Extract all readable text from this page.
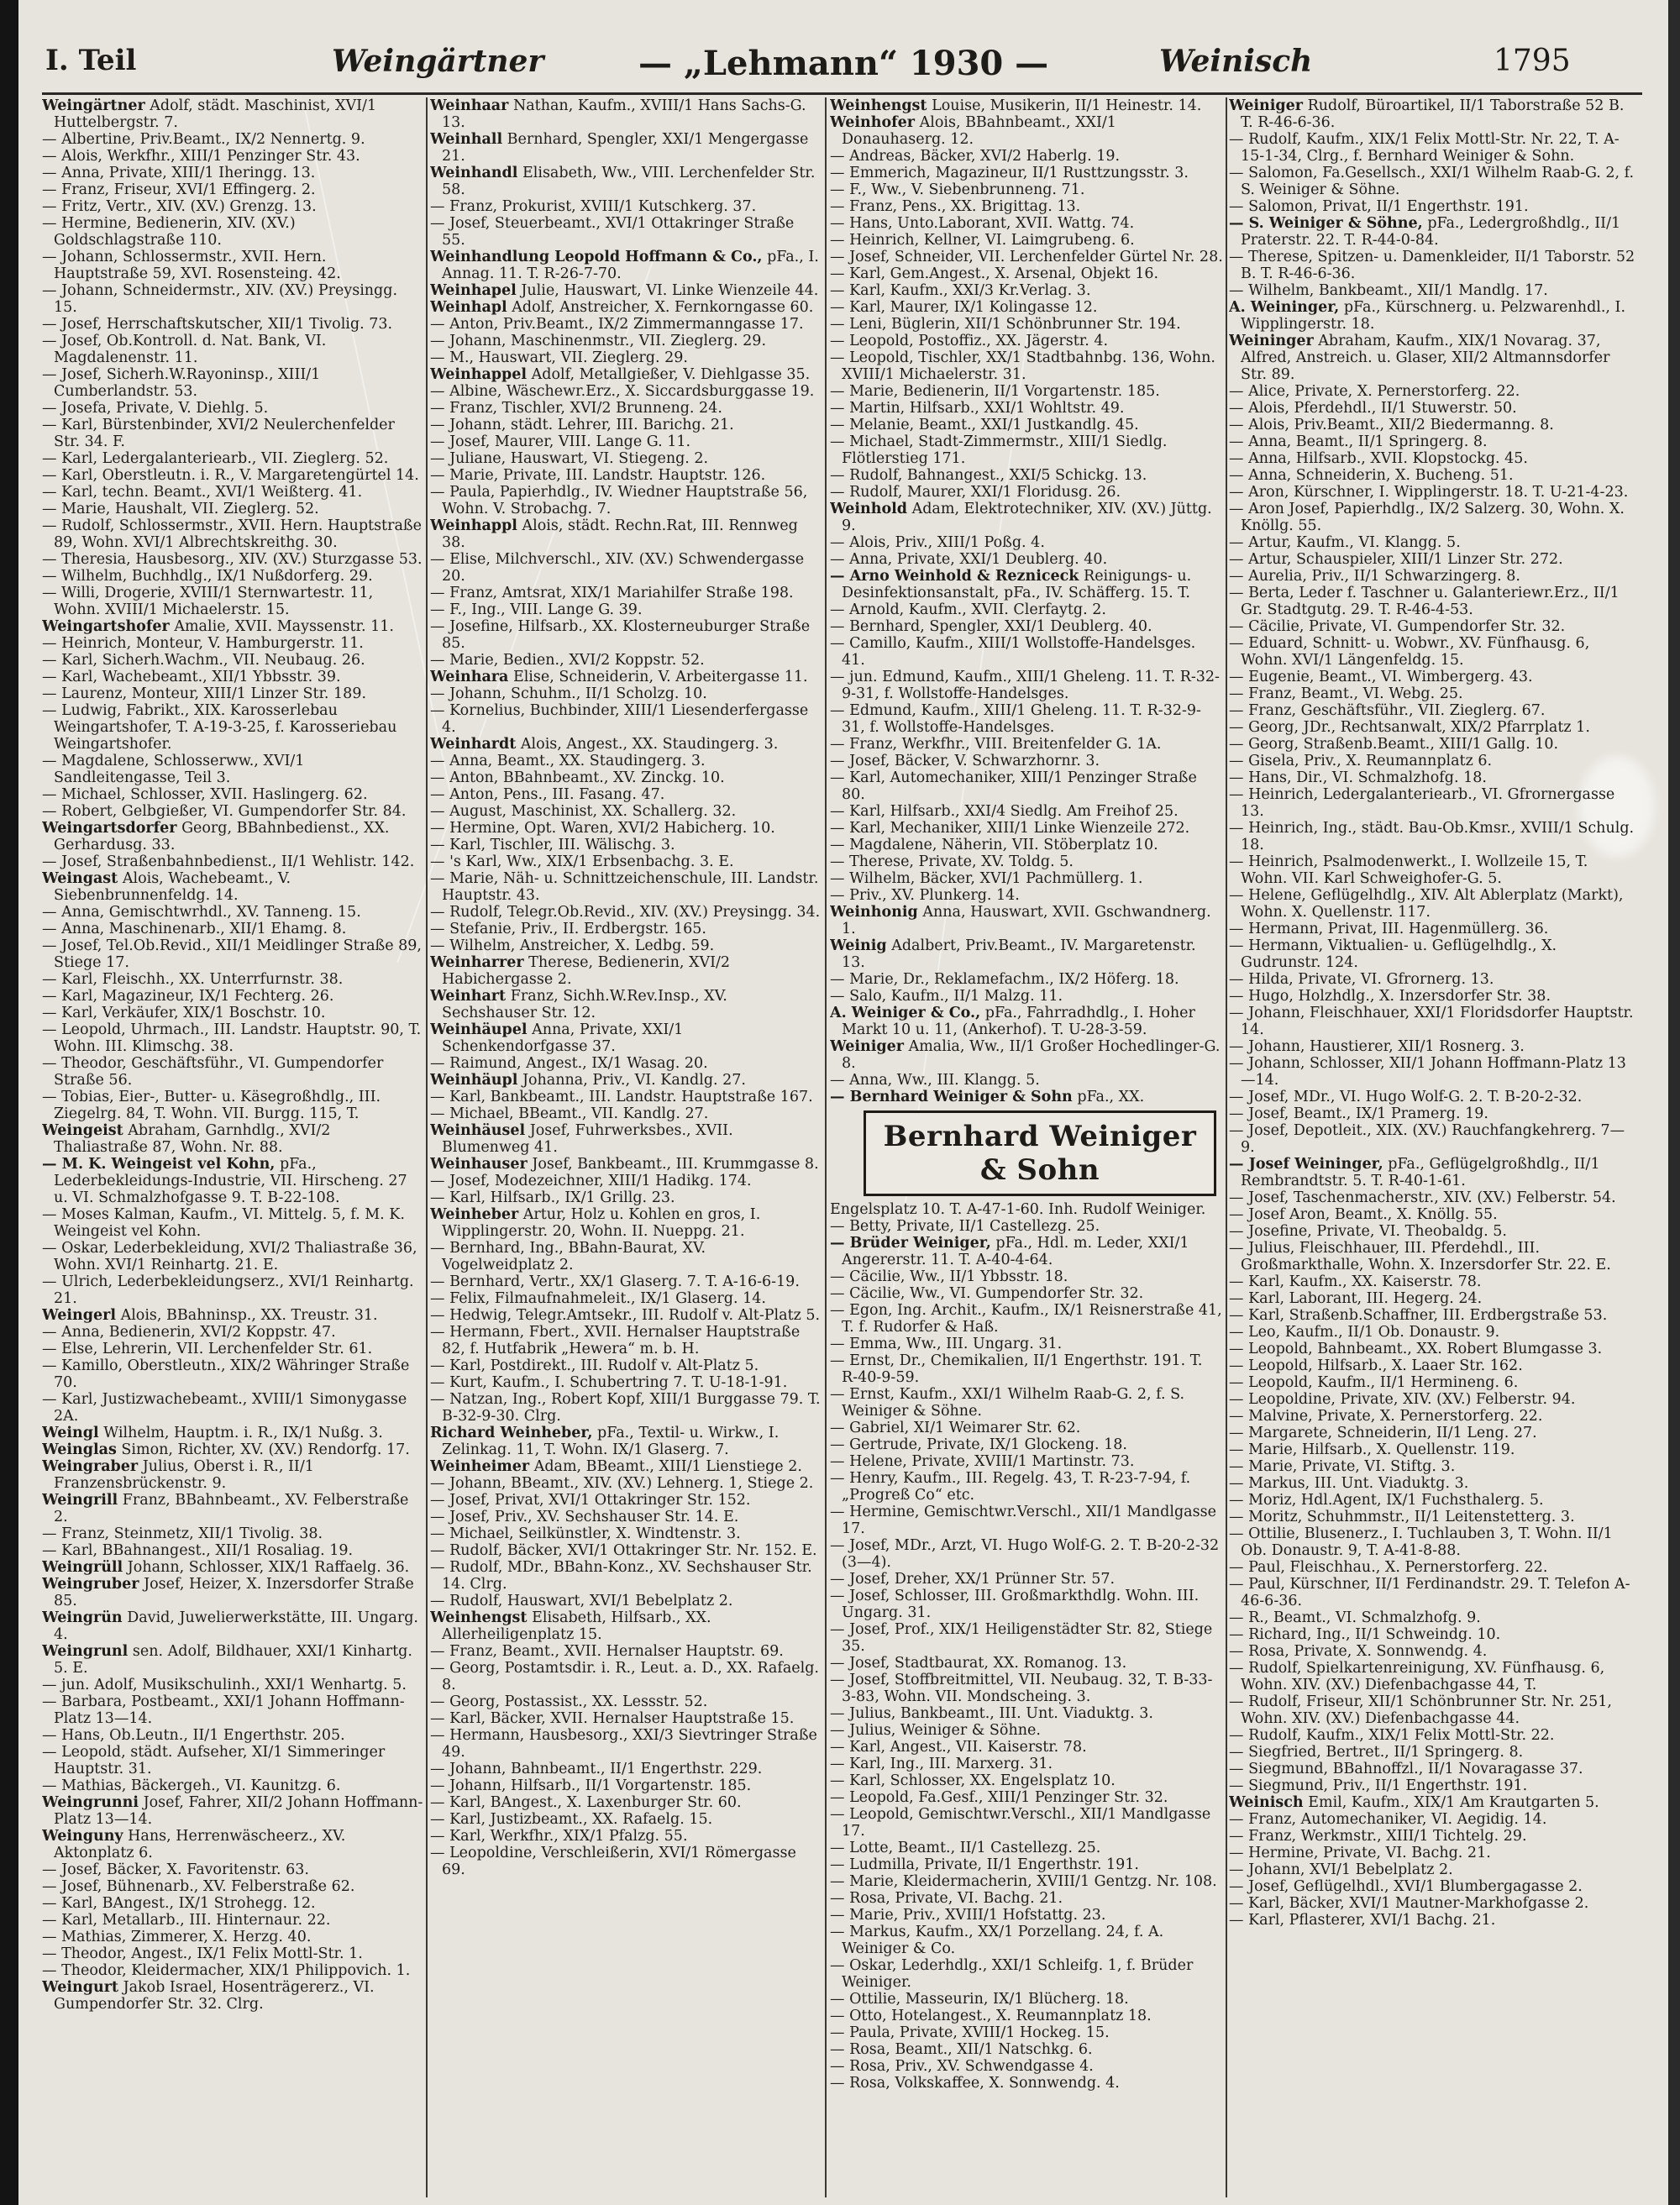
I. Teil	Weingärtner	— „Lehmann“ 1930 —	Weinisch	1795

Weingärtner Adolf, städt. Maschinist, XVI/1 Huttelbergstr. 7.

— Albertine, Priv.Beamt., IX/2 Nennertg. 9.

— Alois, Werkfhr., XIII/1 Penzinger Str. 43.

— Anna, Private, XIII/1 Iheringg. 13.

— Franz, Friseur, XVI/1 Effingerg. 2.

— Fritz, Vertr., XIV. (XV.) Grenzg. 13.

— Hermine, Bedienerin, XIV. (XV.) Goldschlagstraße 110.

— Johann, Schlossermstr., XVII. Hern. Hauptstraße 59, XVI. Rosensteing. 42.

— Johann, Schneidermstr., XIV. (XV.) Preysingg. 15.

— Josef, Herrschaftskutscher, XII/1 Tivolig. 73.

— Josef, Ob.Kontroll. d. Nat. Bank, VI. Magdalenenstr. 11.

— Josef, Sicherh.W.Rayoninsp., XIII/1 Cumberlandstr. 53.

— Josefa, Private, V. Diehlg. 5.

— Karl, Bürstenbinder, XVI/2 Neulerchenfelder Str. 34. F.

— Karl, Ledergalanteriearb., VII. Zieglerg. 52.

— Karl, Oberstleutn. i. R., V. Margaretengürtel 14.

— Karl, techn. Beamt., XVI/1 Weißterg. 41.

— Marie, Haushalt, VII. Zieglerg. 52.

— Rudolf, Schlossermstr., XVII. Hern. Hauptstraße 89, Wohn. XVI/1 Albrechtskreithg. 30.

— Theresia, Hausbesorg., XIV. (XV.) Sturzgasse 53.

— Wilhelm, Buchhdlg., IX/1 Nußdorferg. 29.

— Willi, Drogerie, XVIII/1 Sternwartestr. 11, Wohn. XVIII/1 Michaelerstr. 15.

Weingartshofer Amalie, XVII. Mayssenstr. 11.

— Heinrich, Monteur, V. Hamburgerstr. 11.

— Karl, Sicherh.Wachm., VII. Neubaug. 26.

— Karl, Wachebeamt., XII/1 Ybbsstr. 39.

— Laurenz, Monteur, XIII/1 Linzer Str. 189.

— Ludwig, Fabrikt., XIX. Karosserlebau Weingartshofer, T. A-19-3-25, f. Karosseriebau Weingartshofer.

— Magdalene, Schlosserww., XVI/1 Sandleitengasse, Teil 3.

— Michael, Schlosser, XVII. Haslingerg. 62.

— Robert, Gelbgießer, VI. Gumpendorfer Str. 84.

Weingartsdorfer Georg, BBahnbedienst., XX. Gerhardusg. 33.

— Josef, Straßenbahnbedienst., II/1 Wehlistr. 142.

Weingast Alois, Wachebeamt., V. Siebenbrunnenfeldg. 14.

— Anna, Gemischtwrhdl., XV. Tanneng. 15.

— Anna, Maschinenarb., XII/1 Ehamg. 8.

— Josef, Tel.Ob.Revid., XII/1 Meidlinger Straße 89, Stiege 17.

— Karl, Fleischh., XX. Unterrfurnstr. 38.

— Karl, Magazineur, IX/1 Fechterg. 26.

— Karl, Verkäufer, XIX/1 Boschstr. 10.

— Leopold, Uhrmach., III. Landstr. Hauptstr. 90, T. Wohn. III. Klimschg. 38.

— Theodor, Geschäftsführ., VI. Gumpendorfer Straße 56.

— Tobias, Eier-, Butter- u. Käsegroßhdlg., III. Ziegelrg. 84, T. Wohn. VII. Burgg. 115, T.

Weingeist Abraham, Garnhdlg., XVI/2 Thaliastraße 87, Wohn. Nr. 88.

— M. K. Weingeist vel Kohn, pFa., Lederbekleidungs-Industrie, VII. Hirscheng. 27 u. VI. Schmalzhofgasse 9. T. B-22-108.

— Moses Kalman, Kaufm., VI. Mittelg. 5, f. M. K. Weingeist vel Kohn.

— Oskar, Lederbekleidung, XVI/2 Thaliastraße 36, Wohn. XVI/1 Reinhartg. 21. E.

— Ulrich, Lederbekleidungserz., XVI/1 Reinhartg. 21.

Weingerl Alois, BBahninsp., XX. Treustr. 31.

— Anna, Bedienerin, XVI/2 Koppstr. 47.

— Else, Lehrerin, VII. Lerchenfelder Str. 61.

— Kamillo, Oberstleutn., XIX/2 Währinger Straße 70.

— Karl, Justizwachebeamt., XVIII/1 Simonygasse 2A.

Weingl Wilhelm, Hauptm. i. R., IX/1 Nußg. 3.

Weinglas Simon, Richter, XV. (XV.) Rendorfg. 17.

Weingraber Julius, Oberst i. R., II/1 Franzensbrückenstr. 9.

Weingrill Franz, BBahnbeamt., XV. Felberstraße 2.

— Franz, Steinmetz, XII/1 Tivolig. 38.

— Karl, BBahnangest., XII/1 Rosaliag. 19.

Weingrüll Johann, Schlosser, XIX/1 Raffaelg. 36.

Weingruber Josef, Heizer, X. Inzersdorfer Straße 85.

Weingrün David, Juwelierwerkstätte, III. Ungarg. 4.

Weingrunl sen. Adolf, Bildhauer, XXI/1 Kinhartg. 5. E.

— jun. Adolf, Musikschulinh., XXI/1 Wenhartg. 5.

— Barbara, Postbeamt., XXI/1 Johann Hoffmann-Platz 13—14.

— Hans, Ob.Leutn., II/1 Engerthstr. 205.

— Leopold, städt. Aufseher, XI/1 Simmeringer Hauptstr. 31.

— Mathias, Bäckergeh., VI. Kaunitzg. 6.

Weingrunni Josef, Fahrer, XII/2 Johann Hoffmann-Platz 13—14.

Weinguny Hans, Herrenwäscheerz., XV. Aktonplatz 6.

— Josef, Bäcker, X. Favoritenstr. 63.

— Josef, Bühnenarb., XV. Felberstraße 62.

— Karl, BAngest., IX/1 Strohegg. 12.

— Karl, Metallarb., III. Hinternaur. 22.

— Mathias, Zimmerer, X. Herzg. 40.

— Theodor, Angest., IX/1 Felix Mottl-Str. 1.

— Theodor, Kleidermacher, XIX/1 Philippovich. 1.

Weingurt Jakob Israel, Hosenträgererz., VI. Gumpendorfer Str. 32. Clrg.

Weinhaar Nathan, Kaufm., XVIII/1 Hans Sachs-G. 13.

Weinhall Bernhard, Spengler, XXI/1 Mengergasse 21.

Weinhandl Elisabeth, Ww., VIII. Lerchenfelder Str. 58.

— Franz, Prokurist, XVIII/1 Kutschkerg. 37.

— Josef, Steuerbeamt., XVI/1 Ottakringer Straße 55.

Weinhandlung Leopold Hoffmann & Co., pFa., I. Annag. 11. T. R-26-7-70.

Weinhapel Julie, Hauswart, VI. Linke Wienzeile 44.

Weinhapl Adolf, Anstreicher, X. Fernkorngasse 60.

— Anton, Priv.Beamt., IX/2 Zimmermanngasse 17.

— Johann, Maschinenmstr., VII. Zieglerg. 29.

— M., Hauswart, VII. Zieglerg. 29.

Weinhappel Adolf, Metallgießer, V. Diehlgasse 35.

— Albine, Wäschewr.Erz., X. Siccardsburggasse 19.

— Franz, Tischler, XVI/2 Brunneng. 24.

— Johann, städt. Lehrer, III. Barichg. 21.

— Josef, Maurer, VIII. Lange G. 11.

— Juliane, Hauswart, VI. Stiegeng. 2.

— Marie, Private, III. Landstr. Hauptstr. 126.

— Paula, Papierhdlg., IV. Wiedner Hauptstraße 56, Wohn. V. Strobachg. 7.

Weinhappl Alois, städt. Rechn.Rat, III. Rennweg 38.

— Elise, Milchverschl., XIV. (XV.) Schwendergasse 20.

— Franz, Amtsrat, XIX/1 Mariahilfer Straße 198.

— F., Ing., VIII. Lange G. 39.

— Josefine, Hilfsarb., XX. Klosterneuburger Straße 85.

— Marie, Bedien., XVI/2 Koppstr. 52.

Weinhara Elise, Schneiderin, V. Arbeitergasse 11.

— Johann, Schuhm., II/1 Scholzg. 10.

— Kornelius, Buchbinder, XIII/1 Liesenderfergasse 4.

Weinhardt Alois, Angest., XX. Staudingerg. 3.

— Anna, Beamt., XX. Staudingerg. 3.

— Anton, BBahnbeamt., XV. Zinckg. 10.

— Anton, Pens., III. Fasang. 47.

— August, Maschinist, XX. Schallerg. 32.

— Hermine, Opt. Waren, XVI/2 Habicherg. 10.

— Karl, Tischler, III. Wälischg. 3.

— 's Karl, Ww., XIX/1 Erbsenbachg. 3. E.

— Marie, Näh- u. Schnittzeichenschule, III. Landstr. Hauptstr. 43.

— Rudolf, Telegr.Ob.Revid., XIV. (XV.) Preysingg. 34.

— Stefanie, Priv., II. Erdbergstr. 165.

— Wilhelm, Anstreicher, X. Ledbg. 59.

Weinharrer Therese, Bedienerin, XVI/2 Habichergasse 2.

Weinhart Franz, Sichh.W.Rev.Insp., XV. Sechshauser Str. 12.

Weinhäupel Anna, Private, XXI/1 Schenkendorfgasse 37.

— Raimund, Angest., IX/1 Wasag. 20.

Weinhäupl Johanna, Priv., VI. Kandlg. 27.

— Karl, Bankbeamt., III. Landstr. Hauptstraße 167.

— Michael, BBeamt., VII. Kandlg. 27.

Weinhäusel Josef, Fuhrwerksbes., XVII. Blumenweg 41.

Weinhauser Josef, Bankbeamt., III. Krummgasse 8.

— Josef, Modezeichner, XIII/1 Hadikg. 174.

— Karl, Hilfsarb., IX/1 Grillg. 23.

Weinheber Artur, Holz u. Kohlen en gros, I. Wipplingerstr. 20, Wohn. II. Nueppg. 21.

— Bernhard, Ing., BBahn-Baurat, XV. Vogelweidplatz 2.

— Bernhard, Vertr., XX/1 Glaserg. 7. T. A-16-6-19.

— Felix, Filmaufnahmeleit., IX/1 Glaserg. 14.

— Hedwig, Telegr.Amtsekr., III. Rudolf v. Alt-Platz 5.

— Hermann, Fbert., XVII. Hernalser Hauptstraße 82, f. Hutfabrik „Hewera“ m. b. H.

— Karl, Postdirekt., III. Rudolf v. Alt-Platz 5.

— Kurt, Kaufm., I. Schubertring 7. T. U-18-1-91.

— Natzan, Ing., Robert Kopf, XIII/1 Burggasse 79. T. B-32-9-30. Clrg.

Richard Weinheber, pFa., Textil- u. Wirkw., I. Zelinkag. 11, T. Wohn. IX/1 Glaserg. 7.

Weinheimer Adam, BBeamt., XIII/1 Lienstiege 2.

— Johann, BBeamt., XIV. (XV.) Lehnerg. 1, Stiege 2.

— Josef, Privat, XVI/1 Ottakringer Str. 152.

— Josef, Priv., XV. Sechshauser Str. 14. E.

— Michael, Seilkünstler, X. Windtenstr. 3.

— Rudolf, Bäcker, XVI/1 Ottakringer Str. Nr. 152. E.

— Rudolf, MDr., BBahn-Konz., XV. Sechshauser Str. 14. Clrg.

— Rudolf, Hauswart, XVI/1 Bebelplatz 2.

Weinhengst Elisabeth, Hilfsarb., XX. Allerheiligenplatz 15.

— Franz, Beamt., XVII. Hernalser Hauptstr. 69.

— Georg, Postamtsdir. i. R., Leut. a. D., XX. Rafaelg. 8.

— Georg, Postassist., XX. Lessstr. 52.

— Karl, Bäcker, XVII. Hernalser Hauptstraße 15.

— Hermann, Hausbesorg., XXI/3 Sievtringer Straße 49.

— Johann, Bahnbeamt., II/1 Engerthstr. 229.

— Johann, Hilfsarb., II/1 Vorgartenstr. 185.

— Karl, BAngest., X. Laxenburger Str. 60.

— Karl, Justizbeamt., XX. Rafaelg. 15.

— Karl, Werkfhr., XIX/1 Pfalzg. 55.

— Leopoldine, Verschleißerin, XVI/1 Römergasse 69.

Weinhengst Louise, Musikerin, II/1 Heinestr. 14.

Weinhofer Alois, BBahnbeamt., XXI/1 Donauhaserg. 12.

— Andreas, Bäcker, XVI/2 Haberlg. 19.

— Emmerich, Magazineur, II/1 Rusttzungsstr. 3.

— F., Ww., V. Siebenbrunneng. 71.

— Franz, Pens., XX. Brigittag. 13.

— Hans, Unto.Laborant, XVII. Wattg. 74.

— Heinrich, Kellner, VI. Laimgrubeng. 6.

— Josef, Schneider, VII. Lerchenfelder Gürtel Nr. 28.

— Karl, Gem.Angest., X. Arsenal, Objekt 16.

— Karl, Kaufm., XXI/3 Kr.Verlag. 3.

— Karl, Maurer, IX/1 Kolingasse 12.

— Leni, Büglerin, XII/1 Schönbrunner Str. 194.

— Leopold, Postoffiz., XX. Jägerstr. 4.

— Leopold, Tischler, XX/1 Stadtbahnbg. 136, Wohn. XVIII/1 Michaelerstr. 31.

— Marie, Bedienerin, II/1 Vorgartenstr. 185.

— Martin, Hilfsarb., XXI/1 Wohltstr. 49.

— Melanie, Beamt., XXI/1 Justkandlg. 45.

— Michael, Stadt-Zimmermstr., XIII/1 Siedlg. Flötlerstieg 171.

— Rudolf, Bahnangest., XXI/5 Schickg. 13.

— Rudolf, Maurer, XXI/1 Floridusg. 26.

Weinhold Adam, Elektrotechniker, XIV. (XV.) Jüttg. 9.

— Alois, Priv., XIII/1 Poßg. 4.

— Anna, Private, XXI/1 Deublerg. 40.

— Arno Weinhold & Rezniceck Reinigungs- u. Desinfektionsanstalt, pFa., IV. Schäfferg. 15. T.

— Arnold, Kaufm., XVII. Clerfaytg. 2.

— Bernhard, Spengler, XXI/1 Deublerg. 40.

— Camillo, Kaufm., XIII/1 Wollstoffe-Handelsges. 41.

— jun. Edmund, Kaufm., XIII/1 Gheleng. 11. T. R-32-9-31, f. Wollstoffe-Handelsges.

— Edmund, Kaufm., XIII/1 Gheleng. 11. T. R-32-9-31, f. Wollstoffe-Handelsges.

— Franz, Werkfhr., VIII. Breitenfelder G. 1A.

— Josef, Bäcker, V. Schwarzhornr. 3.

— Karl, Automechaniker, XIII/1 Penzinger Straße 80.

— Karl, Hilfsarb., XXI/4 Siedlg. Am Freihof 25.

— Karl, Mechaniker, XIII/1 Linke Wienzeile 272.

— Magdalene, Näherin, VII. Stöberplatz 10.

— Therese, Private, XV. Toldg. 5.

— Wilhelm, Bäcker, XVI/1 Pachmüllerg. 1.

— Priv., XV. Plunkerg. 14.

Weinhonig Anna, Hauswart, XVII. Gschwandnerg. 1.

Weinig Adalbert, Priv.Beamt., IV. Margaretenstr. 13.

— Marie, Dr., Reklamefachm., IX/2 Höferg. 18.

— Salo, Kaufm., II/1 Malzg. 11.

A. Weiniger & Co., pFa., Fahrradhdlg., I. Hoher Markt 10 u. 11, (Ankerhof). T. U-28-3-59.

Weiniger Amalia, Ww., II/1 Großer Hochedlinger-G. 8.

— Anna, Ww., III. Klangg. 5.

— Bernhard Weiniger & Sohn pFa., XX.

Bernhard Weiniger & Sohn

Engelsplatz 10. T. A-47-1-60. Inh. Rudolf Weiniger.

— Betty, Private, II/1 Castellezg. 25.

— Brüder Weiniger, pFa., Hdl. m. Leder, XXI/1 Angererstr. 11. T. A-40-4-64.

— Cäcilie, Ww., II/1 Ybbsstr. 18.

— Cäcilie, Ww., VI. Gumpendorfer Str. 32.

— Egon, Ing. Archit., Kaufm., IX/1 Reisnerstraße 41, T. f. Rudorfer & Haß.

— Emma, Ww., III. Ungarg. 31.

— Ernst, Dr., Chemikalien, II/1 Engerthstr. 191. T. R-40-9-59.

— Ernst, Kaufm., XXI/1 Wilhelm Raab-G. 2, f. S. Weiniger & Söhne.

— Gabriel, XI/1 Weimarer Str. 62.

— Gertrude, Private, IX/1 Glockeng. 18.

— Helene, Private, XVIII/1 Martinstr. 73.

— Henry, Kaufm., III. Regelg. 43, T. R-23-7-94, f. „Progreß Co“ etc.

— Hermine, Gemischtwr.Verschl., XII/1 Mandlgasse 17.

— Josef, MDr., Arzt, VI. Hugo Wolf-G. 2. T. B-20-2-32 (3—4).

— Josef, Dreher, XX/1 Prünner Str. 57.

— Josef, Schlosser, III. Großmarkthdlg. Wohn. III. Ungarg. 31.

— Josef, Prof., XIX/1 Heiligenstädter Str. 82, Stiege 35.

— Josef, Stadtbaurat, XX. Romanog. 13.

— Josef, Stoffbreitmittel, VII. Neubaug. 32, T. B-33-3-83, Wohn. VII. Mondscheing. 3.

— Julius, Bankbeamt., III. Unt. Viaduktg. 3.

— Julius, Weiniger & Söhne.

— Karl, Angest., VII. Kaiserstr. 78.

— Karl, Ing., III. Marxerg. 31.

— Karl, Schlosser, XX. Engelsplatz 10.

— Leopold, Fa.Gesf., XIII/1 Penzinger Str. 32.

— Leopold, Gemischtwr.Verschl., XII/1 Mandlgasse 17.

— Lotte, Beamt., II/1 Castellezg. 25.

— Ludmilla, Private, II/1 Engerthstr. 191.

— Marie, Kleidermacherin, XVIII/1 Gentzg. Nr. 108.

— Rosa, Private, VI. Bachg. 21.

— Marie, Priv., XVIII/1 Hofstattg. 23.

— Markus, Kaufm., XX/1 Porzellang. 24, f. A. Weiniger & Co.

— Oskar, Lederhdlg., XXI/1 Schleifg. 1, f. Brüder Weiniger.

— Ottilie, Masseurin, IX/1 Blücherg. 18.

— Otto, Hotelangest., X. Reumannplatz 18.

— Paula, Private, XVIII/1 Hockeg. 15.

— Rosa, Beamt., XII/1 Natschkg. 6.

— Rosa, Priv., XV. Schwendgasse 4.

— Rosa, Volkskaffee, X. Sonnwendg. 4.

Weiniger Rudolf, Büroartikel, II/1 Taborstraße 52 B. T. R-46-6-36.

— Rudolf, Kaufm., XIX/1 Felix Mottl-Str. Nr. 22, T. A-15-1-34, Clrg., f. Bernhard Weiniger & Sohn.

— Salomon, Fa.Gesellsch., XXI/1 Wilhelm Raab-G. 2, f. S. Weiniger & Söhne.

— Salomon, Privat, II/1 Engerthstr. 191.

— S. Weiniger & Söhne, pFa., Ledergroßhdlg., II/1 Praterstr. 22. T. R-44-0-84.

— Therese, Spitzen- u. Damenkleider, II/1 Taborstr. 52 B. T. R-46-6-36.

— Wilhelm, Bankbeamt., XII/1 Mandlg. 17.

A. Weininger, pFa., Kürschnerg. u. Pelzwarenhdl., I. Wipplingerstr. 18.

Weininger Abraham, Kaufm., XIX/1 Novarag. 37, Alfred, Anstreich. u. Glaser, XII/2 Altmannsdorfer Str. 89.

— Alice, Private, X. Pernerstorferg. 22.

— Alois, Pferdehdl., II/1 Stuwerstr. 50.

— Alois, Priv.Beamt., XII/2 Biedermanng. 8.

— Anna, Beamt., II/1 Springerg. 8.

— Anna, Hilfsarb., XVII. Klopstockg. 45.

— Anna, Schneiderin, X. Bucheng. 51.

— Aron, Kürschner, I. Wipplingerstr. 18. T. U-21-4-23.

— Aron Josef, Papierhdlg., IX/2 Salzerg. 30, Wohn. X. Knöllg. 55.

— Artur, Kaufm., VI. Klangg. 5.

— Artur, Schauspieler, XIII/1 Linzer Str. 272.

— Aurelia, Priv., II/1 Schwarzingerg. 8.

— Berta, Leder f. Taschner u. Galanteriewr.Erz., II/1 Gr. Stadtgutg. 29. T. R-46-4-53.

— Cäcilie, Private, VI. Gumpendorfer Str. 32.

— Eduard, Schnitt- u. Wobwr., XV. Fünfhausg. 6, Wohn. XVI/1 Längenfeldg. 15.

— Eugenie, Beamt., VI. Wimbergerg. 43.

— Franz, Beamt., VI. Webg. 25.

— Franz, Geschäftsführ., VII. Zieglerg. 67.

— Georg, JDr., Rechtsanwalt, XIX/2 Pfarrplatz 1.

— Georg, Straßenb.Beamt., XIII/1 Gallg. 10.

— Gisela, Priv., X. Reumannplatz 6.

— Hans, Dir., VI. Schmalzhofg. 18.

— Heinrich, Ledergalanteriearb., VI. Gfrornergasse 13.

— Heinrich, Ing., städt. Bau-Ob.Kmsr., XVIII/1 Schulg. 18.

— Heinrich, Psalmodenwerkt., I. Wollzeile 15, T. Wohn. VII. Karl Schweighofer-G. 5.

— Helene, Geflügelhdlg., XIV. Alt Ablerplatz (Markt), Wohn. X. Quellenstr. 117.

— Hermann, Privat, III. Hagenmüllerg. 36.

— Hermann, Viktualien- u. Geflügelhdlg., X. Gudrunstr. 124.

— Hilda, Private, VI. Gfrornerg. 13.

— Hugo, Holzhdlg., X. Inzersdorfer Str. 38.

— Johann, Fleischhauer, XXI/1 Floridsdorfer Hauptstr. 14.

— Johann, Haustierer, XII/1 Rosnerg. 3.

— Johann, Schlosser, XII/1 Johann Hoffmann-Platz 13—14.

— Josef, MDr., VI. Hugo Wolf-G. 2. T. B-20-2-32.

— Josef, Beamt., IX/1 Pramerg. 19.

— Josef, Depotleit., XIX. (XV.) Rauchfangkehrerg. 7—9.

— Josef Weininger, pFa., Geflügelgroßhdlg., II/1 Rembrandtstr. 5. T. R-40-1-61.

— Josef, Taschenmacherstr., XIV. (XV.) Felberstr. 54.

— Josef Aron, Beamt., X. Knöllg. 55.

— Josefine, Private, VI. Theobaldg. 5.

— Julius, Fleischhauer, III. Pferdehdl., III. Großmarkthalle, Wohn. X. Inzersdorfer Str. 22. E.

— Karl, Kaufm., XX. Kaiserstr. 78.

— Karl, Laborant, III. Hegerg. 24.

— Karl, Straßenb.Schaffner, III. Erdbergstraße 53.

— Leo, Kaufm., II/1 Ob. Donaustr. 9.

— Leopold, Bahnbeamt., XX. Robert Blumgasse 3.

— Leopold, Hilfsarb., X. Laaer Str. 162.

— Leopold, Kaufm., II/1 Hermineng. 6.

— Leopoldine, Private, XIV. (XV.) Felberstr. 94.

— Malvine, Private, X. Pernerstorferg. 22.

— Margarete, Schneiderin, II/1 Leng. 27.

— Marie, Hilfsarb., X. Quellenstr. 119.

— Marie, Private, VI. Stiftg. 3.

— Markus, III. Unt. Viaduktg. 3.

— Moriz, Hdl.Agent, IX/1 Fuchsthalerg. 5.

— Moritz, Schuhmmstr., II/1 Leitenstetterg. 3.

— Ottilie, Blusenerz., I. Tuchlauben 3, T. Wohn. II/1 Ob. Donaustr. 9, T. A-41-8-88.

— Paul, Fleischhau., X. Pernerstorferg. 22.

— Paul, Kürschner, II/1 Ferdinandstr. 29. T. Telefon A-46-6-36.

— R., Beamt., VI. Schmalzhofg. 9.

— Richard, Ing., II/1 Schweindg. 10.

— Rosa, Private, X. Sonnwendg. 4.

— Rudolf, Spielkartenreinigung, XV. Fünfhausg. 6, Wohn. XIV. (XV.) Diefenbachgasse 44, T.

— Rudolf, Friseur, XII/1 Schönbrunner Str. Nr. 251, Wohn. XIV. (XV.) Diefenbachgasse 44.

— Rudolf, Kaufm., XIX/1 Felix Mottl-Str. 22.

— Siegfried, Bertret., II/1 Springerg. 8.

— Siegmund, BBahnoffzl., II/1 Novaragasse 37.

— Siegmund, Priv., II/1 Engerthstr. 191.

Weinisch Emil, Kaufm., XIX/1 Am Krautgarten 5.

— Franz, Automechaniker, VI. Aegidig. 14.

— Franz, Werkmstr., XIII/1 Tichtelg. 29.

— Hermine, Private, VI. Bachg. 21.

— Johann, XVI/1 Bebelplatz 2.

— Josef, Geflügelhdl., XVI/1 Blumbergagasse 2.

— Karl, Bäcker, XVI/1 Mautner-Markhofgasse 2.

— Karl, Pflasterer, XVI/1 Bachg. 21.
